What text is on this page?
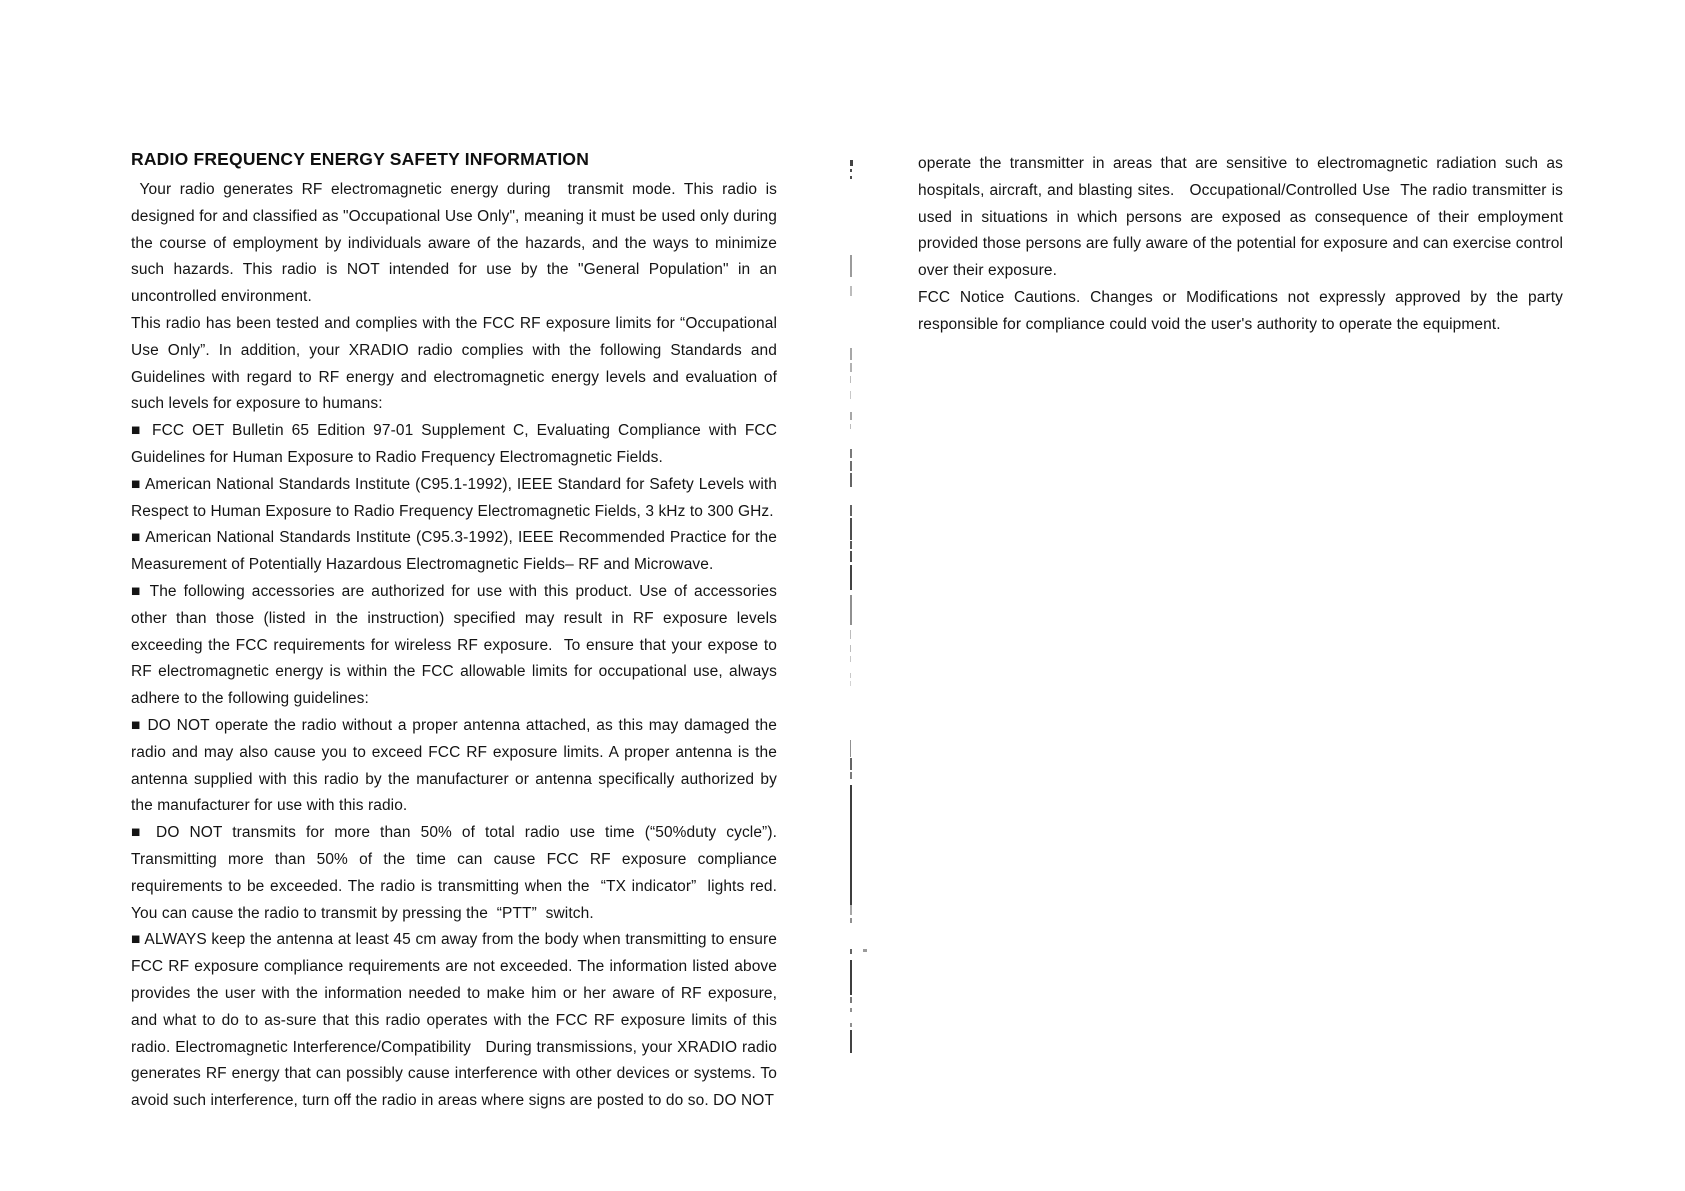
RADIO FREQUENCY ENERGY SAFETY INFORMATION

Your radio generates RF electromagnetic energy during  transmit mode. This radio is designed for and classified as "Occupational Use Only", meaning it must be used only during the course of employment by individuals aware of the hazards, and the ways to minimize such hazards. This radio is NOT intended for use by the "General Population" in an uncontrolled environment.

This radio has been tested and complies with the FCC RF exposure limits for “Occupational Use Only”. In addition, your XRADIO radio complies with the following Standards and Guidelines with regard to RF energy and electromagnetic energy levels and evaluation of such levels for exposure to humans:

■ FCC OET Bulletin 65 Edition 97-01 Supplement C, Evaluating Compliance with FCC Guidelines for Human Exposure to Radio Frequency Electromagnetic Fields.

■ American National Standards Institute (C95.1-1992), IEEE Standard for Safety Levels with Respect to Human Exposure to Radio Frequency Electromagnetic Fields, 3 kHz to 300 GHz.

■ American National Standards Institute (C95.3-1992), IEEE Recommended Practice for the Measurement of Potentially Hazardous Electromagnetic Fields– RF and Microwave.

■ The following accessories are authorized for use with this product. Use of accessories other than those (listed in the instruction) specified may result in RF exposure levels exceeding the FCC requirements for wireless RF exposure.  To ensure that your expose to RF electromagnetic energy is within the FCC allowable limits for occupational use, always adhere to the following guidelines:

■ DO NOT operate the radio without a proper antenna attached, as this may damaged the radio and may also cause you to exceed FCC RF exposure limits. A proper antenna is the antenna supplied with this radio by the manufacturer or antenna specifically authorized by the manufacturer for use with this radio.

■ DO NOT transmits for more than 50% of total radio use time (“50%duty cycle”). Transmitting more than 50% of the time can cause FCC RF exposure compliance requirements to be exceeded. The radio is transmitting when the  “TX indicator”  lights red. You can cause the radio to transmit by pressing the  “PTT”  switch.

■ ALWAYS keep the antenna at least 45 cm away from the body when transmitting to ensure FCC RF exposure compliance requirements are not exceeded. The information listed above provides the user with the information needed to make him or her aware of RF exposure, and what to do to as-sure that this radio operates with the FCC RF exposure limits of this radio. Electromagnetic Interference/Compatibility   During transmissions, your XRADIO radio generates RF energy that can possibly cause interference with other devices or systems. To avoid such interference, turn off the radio in areas where signs are posted to do so. DO NOT

operate the transmitter in areas that are sensitive to electromagnetic radiation such as hospitals, aircraft, and blasting sites.   Occupational/Controlled Use  The radio transmitter is used in situations in which persons are exposed as consequence of their employment provided those persons are fully aware of the potential for exposure and can exercise control over their exposure.

FCC Notice Cautions. Changes or Modifications not expressly approved by the party responsible for compliance could void the user's authority to operate the equipment.
